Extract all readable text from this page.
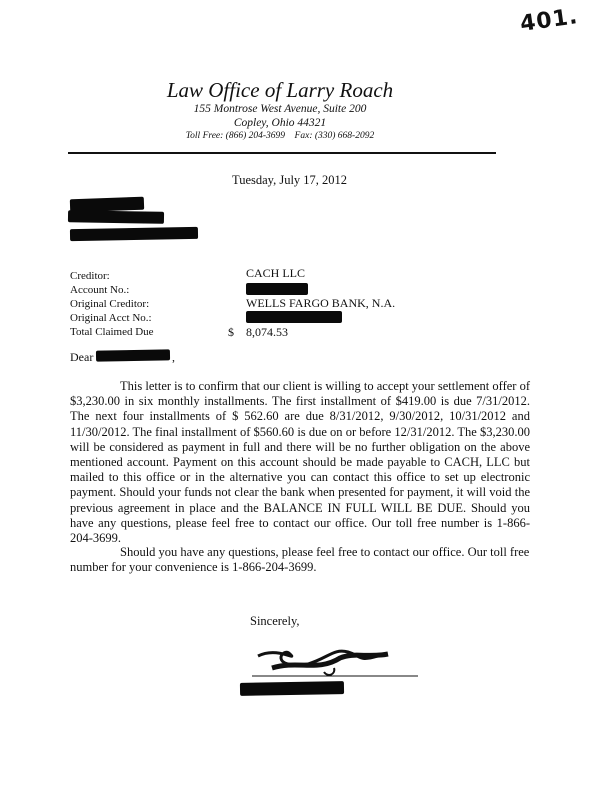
401.
Law Office of Larry Roach
155 Montrose West Avenue, Suite 200
Copley, Ohio 44321
Toll Free: (866) 204-3699    Fax: (330) 668-2092
Tuesday, July 17, 2012
Creditor:	CACH LLC
Account No.:
Original Creditor:	WELLS FARGO BANK, N.A.
Original Acct No.:
Total Claimed Due	$ 8,074.53
Dear	,
This letter is to confirm that our client is willing to accept your settlement offer of $3,230.00 in six monthly installments. The first installment of $419.00 is due 7/31/2012. The next four installments of $ 562.60 are due 8/31/2012, 9/30/2012, 10/31/2012 and 11/30/2012. The final installment of $560.60 is due on or before 12/31/2012. The $3,230.00 will be considered as payment in full and there will be no further obligation on the above mentioned account. Payment on this account should be made payable to CACH, LLC but mailed to this office or in the alternative you can contact this office to set up electronic payment. Should your funds not clear the bank when presented for payment, it will void the previous agreement in place and the BALANCE IN FULL WILL BE DUE. Should you have any questions, please feel free to contact our office. Our toll free number is 1-866-204-3699.
Should you have any questions, please feel free to contact our office. Our toll free number for your convenience is 1-866-204-3699.
Sincerely,
